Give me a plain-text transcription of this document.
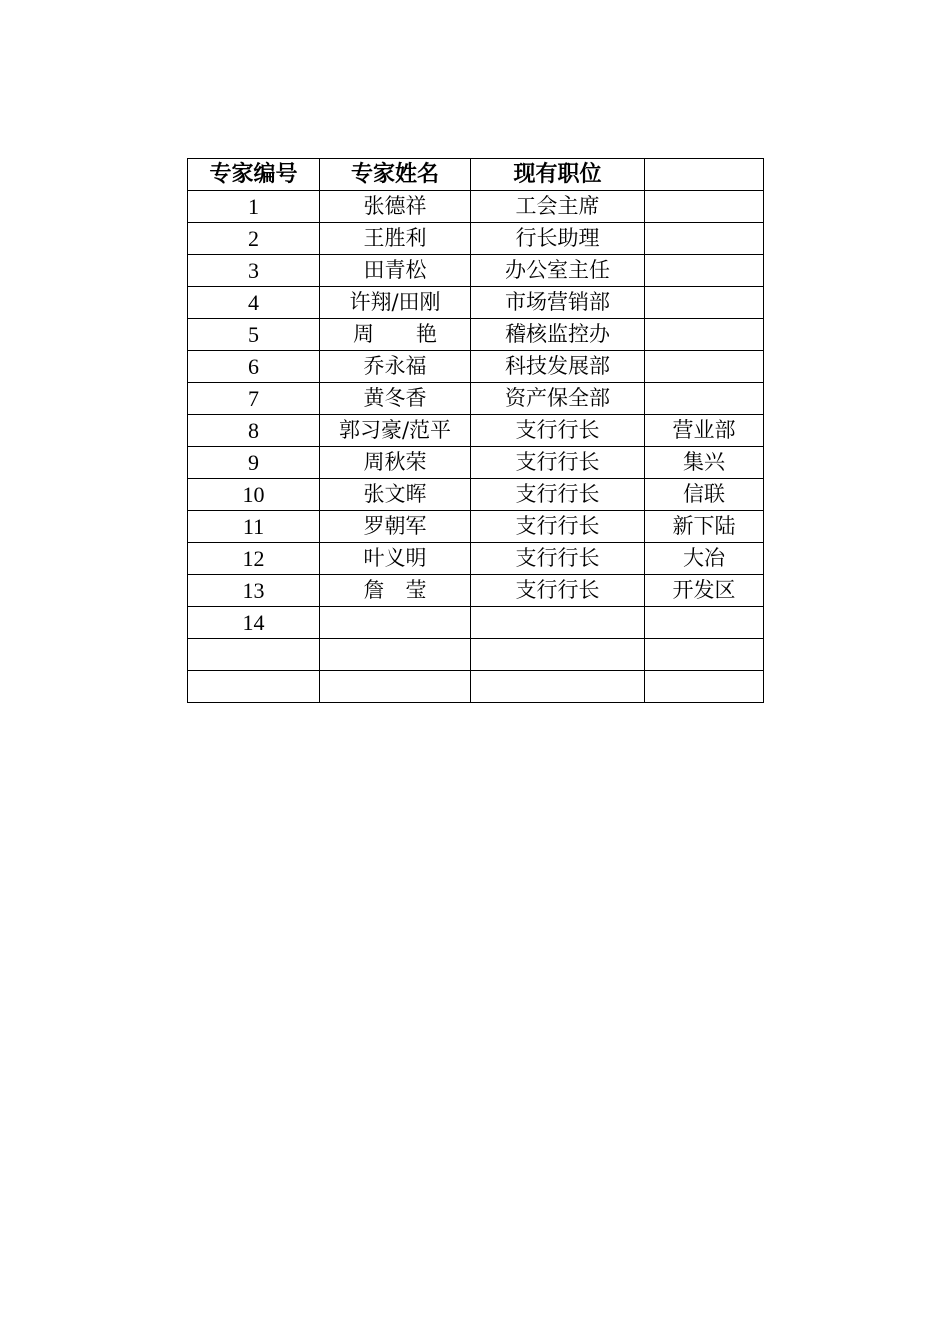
专家编号	专家姓名	现有职位	
1	张德祥	工会主席	
2	王胜利	行长助理	
3	田青松	办公室主任	
4	许翔/田刚	市场营销部	
5	周　　艳	稽核监控办	
6	乔永福	科技发展部	
7	黄冬香	资产保全部	
8	郭习豪/范平	支行行长	营业部
9	周秋荣	支行行长	集兴
10	张文晖	支行行长	信联
11	罗朝军	支行行长	新下陆
12	叶义明	支行行长	大冶
13	詹　莹	支行行长	开发区
14			
